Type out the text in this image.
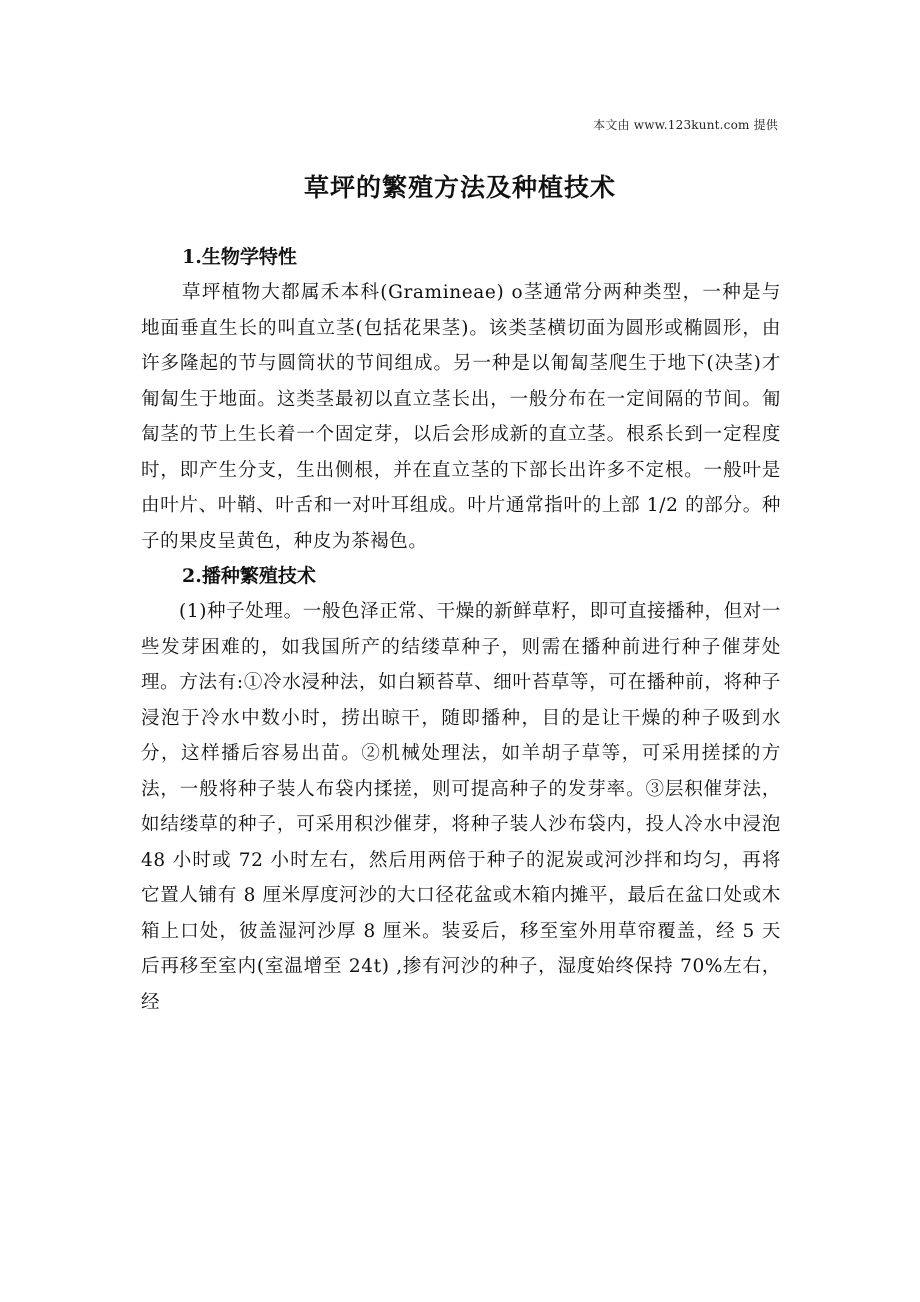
本文由 www.123kunt.com 提供
草坪的繁殖方法及种植技术

1.生物学特性

草坪植物大都属禾本科(Gramineae) o茎通常分两种类型，一种是与地面垂直生长的叫直立茎(包括花果茎)。该类茎横切面为圆形或椭圆形，由许多隆起的节与圆筒状的节间组成。另一种是以匍匐茎爬生于地下(决茎)才匍匐生于地面。这类茎最初以直立茎长出，一般分布在一定间隔的节间。匍匐茎的节上生长着一个固定芽，以后会形成新的直立茎。根系长到一定程度时，即产生分支，生出侧根，并在直立茎的下部长出许多不定根。一般叶是由叶片、叶鞘、叶舌和一对叶耳组成。叶片通常指叶的上部 1/2 的部分。种子的果皮呈黄色，种皮为茶褐色。

2.播种繁殖技术

(1)种子处理。一般色泽正常、干燥的新鲜草籽，即可直接播种，但对一些发芽困难的，如我国所产的结缕草种子，则需在播种前进行种子催芽处理。方法有:①冷水浸种法，如白颖苔草、细叶苔草等，可在播种前，将种子浸泡于冷水中数小时，捞出晾干，随即播种，目的是让干燥的种子吸到水分，这样播后容易出苗。②机械处理法，如羊胡子草等，可采用搓揉的方法，一般将种子装人布袋内揉搓，则可提高种子的发芽率。③层积催芽法，如结缕草的种子，可采用积沙催芽，将种子装人沙布袋内，投人冷水中浸泡 48 小时或 72 小时左右，然后用两倍于种子的泥炭或河沙拌和均匀，再将它置人铺有 8 厘米厚度河沙的大口径花盆或木箱内摊平，最后在盆口处或木箱上口处，彼盖湿河沙厚 8 厘米。装妥后，移至室外用草帘覆盖，经 5 天后再移至室内(室温增至 24t) ,掺有河沙的种子，湿度始终保持 70%左右，经
